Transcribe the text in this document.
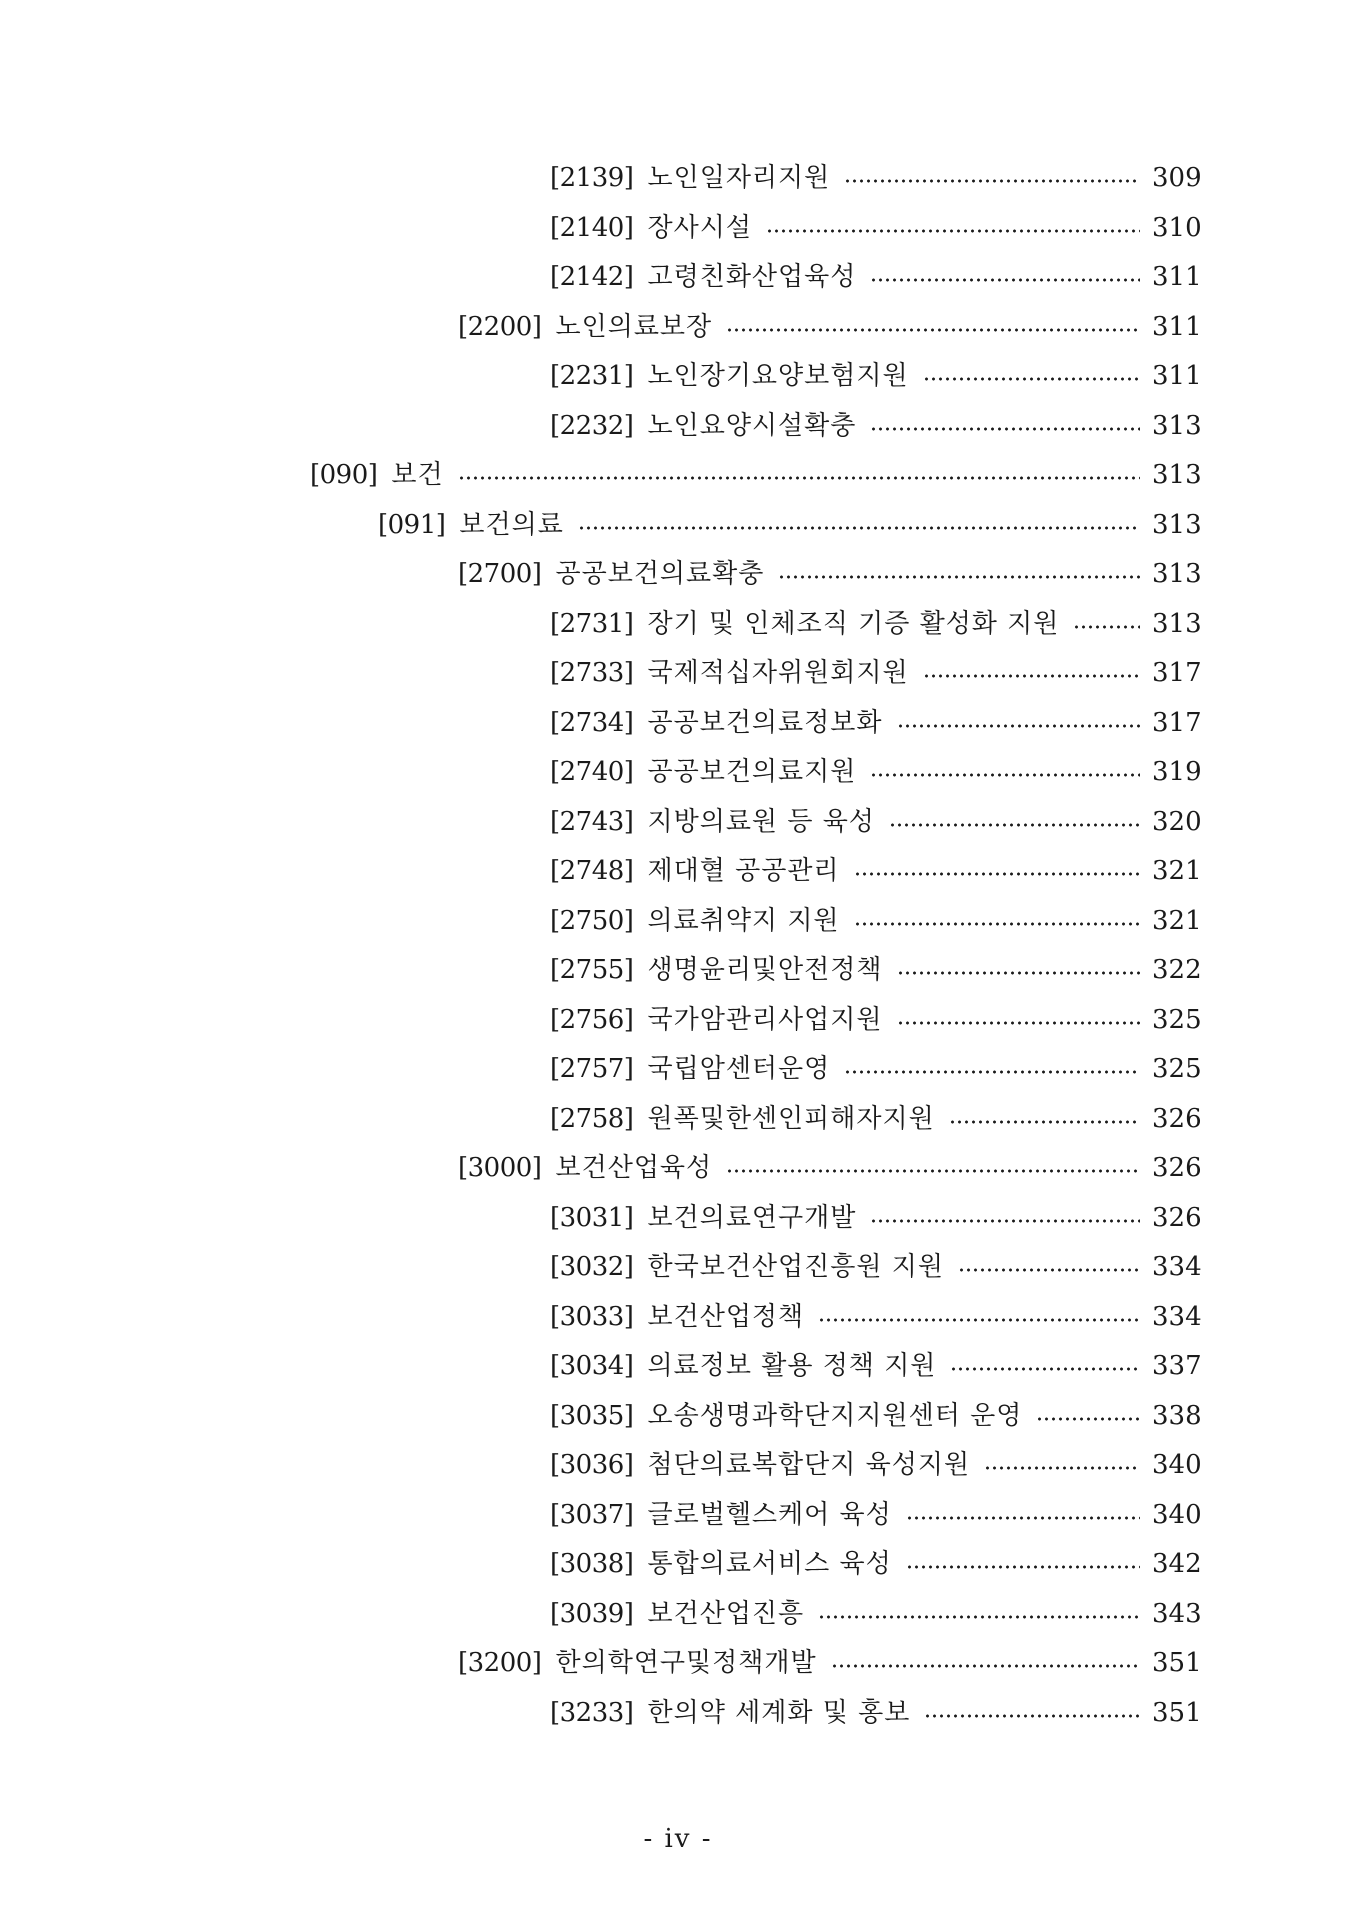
[2139] 노인일자리지원	309
[2140] 장사시설	310
[2142] 고령친화산업육성	311
[2200] 노인의료보장	311
[2231] 노인장기요양보험지원	311
[2232] 노인요양시설확충	313
[090] 보건	313
[091] 보건의료	313
[2700] 공공보건의료확충	313
[2731] 장기 및 인체조직 기증 활성화 지원	313
[2733] 국제적십자위원회지원	317
[2734] 공공보건의료정보화	317
[2740] 공공보건의료지원	319
[2743] 지방의료원 등 육성	320
[2748] 제대혈 공공관리	321
[2750] 의료취약지 지원	321
[2755] 생명윤리및안전정책	322
[2756] 국가암관리사업지원	325
[2757] 국립암센터운영	325
[2758] 원폭및한센인피해자지원	326
[3000] 보건산업육성	326
[3031] 보건의료연구개발	326
[3032] 한국보건산업진흥원 지원	334
[3033] 보건산업정책	334
[3034] 의료정보 활용 정책 지원	337
[3035] 오송생명과학단지지원센터 운영	338
[3036] 첨단의료복합단지 육성지원	340
[3037] 글로벌헬스케어 육성	340
[3038] 통합의료서비스 육성	342
[3039] 보건산업진흥	343
[3200] 한의학연구및정책개발	351
[3233] 한의약 세계화 및 홍보	351
- iv -
